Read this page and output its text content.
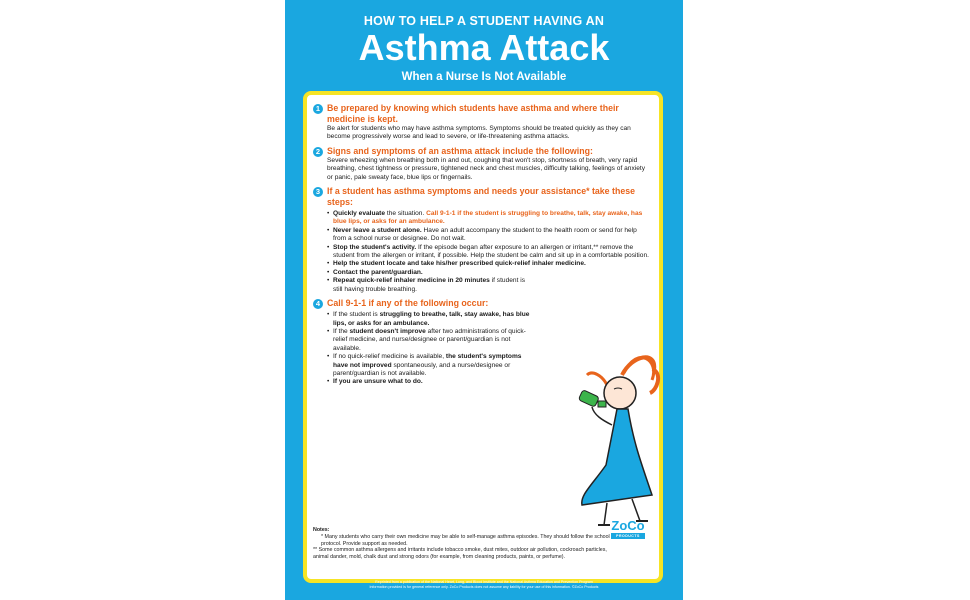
HOW TO HELP A STUDENT HAVING AN
Asthma Attack
When a Nurse Is Not Available
1 Be prepared by knowing which students have asthma and where their medicine is kept.
Be alert for students who may have asthma symptoms. Symptoms should be treated quickly as they can become progressively worse and lead to severe, or life-threatening asthma attacks.
2 Signs and symptoms of an asthma attack include the following:
Severe wheezing when breathing both in and out, coughing that won't stop, shortness of breath, very rapid breathing, chest tightness or pressure, tightened neck and chest muscles, difficulty talking, feelings of anxiety or panic, pale sweaty face, blue lips or fingernails.
3 If a student has asthma symptoms and needs your assistance* take these steps:
• Quickly evaluate the situation. Call 9-1-1 if the student is struggling to breathe, talk, stay awake, has blue lips, or asks for an ambulance.
• Never leave a student alone. Have an adult accompany the student to the health room or send for help from a school nurse or designee. Do not wait.
• Stop the student's activity. If the episode began after exposure to an allergen or irritant,** remove the student from the allergen or irritant, if possible. Help the student be calm and sit up in a comfortable position.
• Help the student locate and take his/her prescribed quick-relief inhaler medicine.
• Contact the parent/guardian.
• Repeat quick-relief inhaler medicine in 20 minutes if student is still having trouble breathing.
4 Call 9-1-1 if any of the following occur:
• If the student is struggling to breathe, talk, stay awake, has blue lips, or asks for an ambulance.
• If the student doesn't improve after two administrations of quick-relief medicine, and nurse/designee or parent/guardian is not available.
• If no quick-relief medicine is available, the student's symptoms have not improved spontaneously, and a nurse/designee or parent/guardian is not available.
• If you are unsure what to do.
Notes:
* Many students who carry their own medicine may be able to self-manage asthma episodes. They should follow the school protocol. Provide support as needed.
** Some common asthma allergens and irritants include tobacco smoke, dust mites, outdoor air pollution, cockroach particles, animal dander, mold, chalk dust and strong odors (for example, from cleaning products, paints, or perfume).
ZoCo
PRODUCTS
Reprinted from a publication of the National Heart, Lung, and Blood Institute and the National Asthma Education and Prevention Program
Information provided is for general reference only. ZoCo Products does not assume any liability for your use of this information. ©ZoCo Products
